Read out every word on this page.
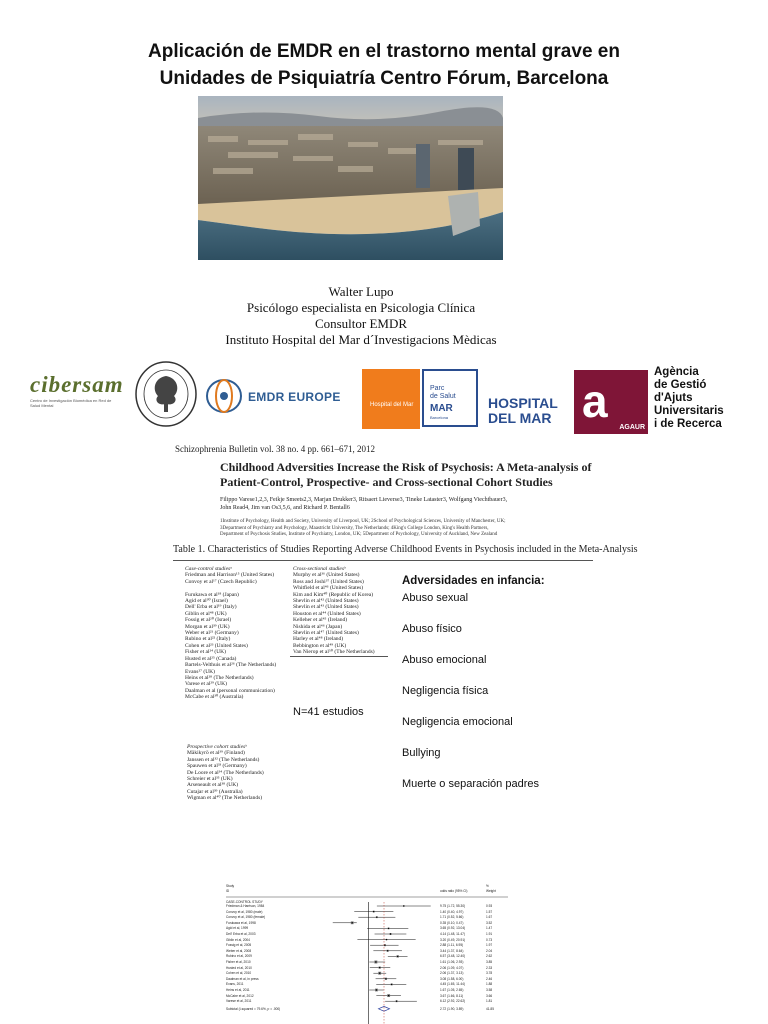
Aplicación de EMDR en el trastorno mental grave en
Unidades de Psiquiatría Centro Fórum, Barcelona
Walter Lupo
Psicólogo especialista en Psicologia Clínica
Consultor EMDR
Instituto Hospital del Mar d´Investigacions Mèdicas
cibersam
Centro de Investigación Biomédica en Red de Salud Mental
EMDR EUROPE
Hospital del Mar
Parc
de Salut
MAR
Barcelona
HOSPITAL
DEL MAR a
AGAUR
Agència
de Gestió
d'Ajuts
Universitaris
i de Recerca
Schizophrenia Bulletin vol. 38 no. 4 pp. 661–671, 2012
Childhood Adversities Increase the Risk of Psychosis: A Meta-analysis of
Patient-Control, Prospective- and Cross-sectional Cohort Studies
Filippo Varese1,2,3, Feikje Smeets2,3, Marjan Drukker3, Ritsaert Lieverse3, Tineke Lataster3, Wolfgang Viechtbauer3,
John Read4, Jim van Os3,5,6, and Richard P. Bentall6
1Institute of Psychology, Health and Society, University of Liverpool, UK; 2School of Psychological Sciences, University of Manchester, UK;
3Department of Psychiatry and Psychology, Maastricht University, The Netherlands; 4King's College London, King's Health Partners,
Department of Psychosis Studies, Institute of Psychiatry, London, UK; 5Department of Psychology, University of Auckland, New Zealand
Table 1. Characteristics of Studies Reporting Adverse Childhood Events in Psychosis included in the Meta-Analysis
Case-control studiesᵃ
Friedman and Harrison¹⁵ (United States)
Convoy et al¹⁷ (Czech Republic)

Furukawa et al¹⁸ (Japan)
Agid et al³⁰ (Israel)
Dell' Erba et al¹⁹ (Italy)
Giblin et al⁴⁸ (UK)
Fossig et al²⁰ (Israel)
Morgan et al³⁹ (UK)
Weber et al²¹ (Germany)
Rubino et al²² (Italy)
Cohen et al²³ (United States)
Fisher et al²⁴ (UK)
Husted et al²⁵ (Canada)
Bartels-Velthuis et al²⁶ (The Netherlands)
Evans²⁷ (UK)
Heins et al²⁸ (The Netherlands)
Varese et al²⁹ (UK)
Daalman et al (personal communication)
McCabe et al³⁰ (Australia)
Cross-sectional studiesᵇ
Murphy et al³⁶ (United States)
Ross and Joshi³⁷ (United States)
Whitfield et al⁴⁶ (United States)
Kim and Kim⁴⁰ (Republic of Korea)
Shevlin et al⁴² (United States)
Shevlin et al⁴³ (United States)
Houston et al⁴⁴ (United States)
Kelleher et al⁴⁵ (Ireland)
Nishida et al⁴⁶ (Japan)
Shevlin et al⁴⁷ (United States)
Harley et al⁴⁸ (Ireland)
Bebbington et al⁴⁹ (UK)
Van Nierop et al⁵⁰ (The Netherlands)
Prospective cohort studiesᵇ
Mäkikyrö et al³⁹ (Finland)
Janssen et al³² (The Netherlands)
Spauwen et al³³ (Germany)
De Loore et al³⁴ (The Netherlands)
Schreier et al³⁵ (UK)
Arseneault et al³⁸ (UK)
Cutajar et al³⁹ (Australia)
Wigman et al⁴⁰ (The Netherlands)
N=41 estudios
Adversidades en infancia:
Abuso sexual
Abuso físico
Abuso emocional
Negligencia física
Negligencia emocional
Bullying
Muerte o separación padres
Study
ID	odds ratio (95% CI)
%
Weight
CASE-CONTROL STUDY
Friedman & Harrison, 1984	9.75 (1.72, 55.30)	0.93
Convoy et al, 1980 (male)	1.40 (0.40, 4.97)	1.57
Convoy et al, 1980 (female)	1.71 (0.52, 5.66)	1.67
Furukawa et al, 1998	0.35 (0.10, 0.47)	3.52
Agid et al, 1999	3.65 (0.92, 13.04)	1.47
Dell' Erba et al, 2003	4.14 (1.48, 11.47)	1.91
Giblin et al, 2004	3.20 (0.49, 20.91)	0.73
Fossig et al, 2005	2.88 (1.11, 6.95)	1.97
Weber et al, 2008	3.44 (1.37, 8.64)	2.04
Rubino et al, 2009	6.57 (3.48, 12.40)	2.62
Fisher et al, 2010	1.61 (1.06, 2.93)	3.85
Husted et al, 2010	2.06 (1.09, 4.07)	2.33
Cohen et al, 2010	2.06 (1.37, 3.13)	3.78
Daalman et al, in press	3.08 (1.58, 6.00)	2.46
Evans, 2011	4.45 (1.65, 11.44)	1.88
Heins et al, 2011	1.67 (1.05, 2.65)	3.58
McCabe et al, 2012	3.67 (1.66, 8.11)	3.66
Varese et al, 2011	6.12 (2.92, 22.62)	1.81
Subtotal (I-squared = 79.6%, p = .000)	2.72 (1.90, 3.89)	41.85
